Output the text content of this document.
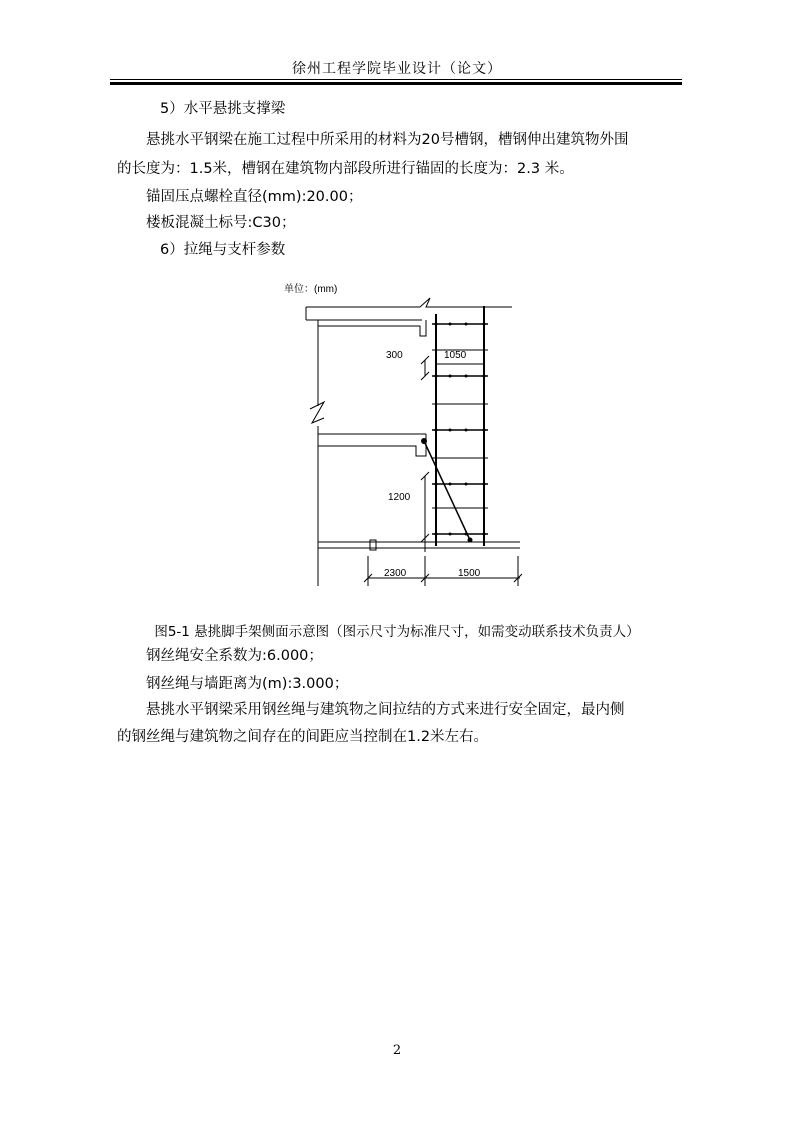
徐州工程学院毕业设计（论文）
5）水平悬挑支撑梁
悬挑水平钢梁在施工过程中所采用的材料为20号槽钢，槽钢伸出建筑物外围
的长度为：1.5米，槽钢在建筑物内部段所进行锚固的长度为：2.3 米。
锚固压点螺栓直径(mm):20.00；
楼板混凝土标号:C30；
6）拉绳与支杆参数
单位：(mm)
300	1050
1200
2300	1500
图5-1 悬挑脚手架侧面示意图（图示尺寸为标准尺寸，如需变动联系技术负责人）
钢丝绳安全系数为:6.000；
钢丝绳与墙距离为(m):3.000；
悬挑水平钢梁采用钢丝绳与建筑物之间拉结的方式来进行安全固定，最内侧
的钢丝绳与建筑物之间存在的间距应当控制在1.2米左右。
2
